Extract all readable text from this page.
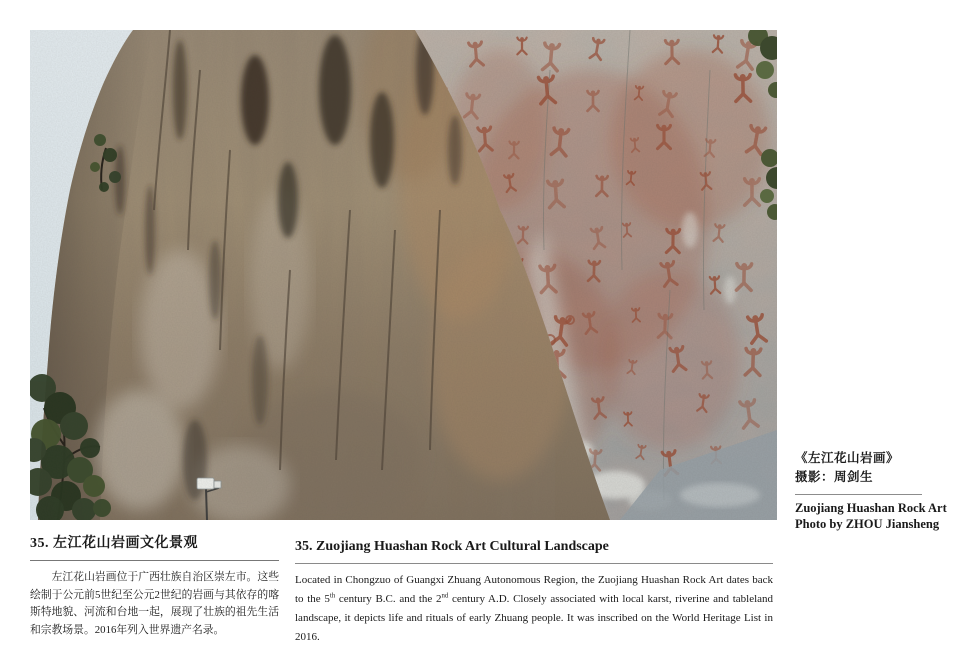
《左江花山岩画》
摄影：周剑生
Zuojiang Huashan Rock Art
Photo by ZHOU Jiansheng
35. 左江花山岩画文化景观

左江花山岩画位于广西壮族自治区崇左市。这些绘制于公元前5世纪至公元2世纪的岩画与其依存的喀斯特地貌、河流和台地一起，展现了壮族的祖先生活和宗教场景。2016年列入世界遗产名录。

35. Zuojiang Huashan Rock Art Cultural Landscape

Located in Chongzuo of Guangxi Zhuang Autonomous Region, the Zuojiang Huashan Rock Art dates back to the 5th century B.C. and the 2nd century A.D. Closely associated with local karst, riverine and tableland landscape, it depicts life and rituals of early Zhuang people. It was inscribed on the World Heritage List in 2016.
